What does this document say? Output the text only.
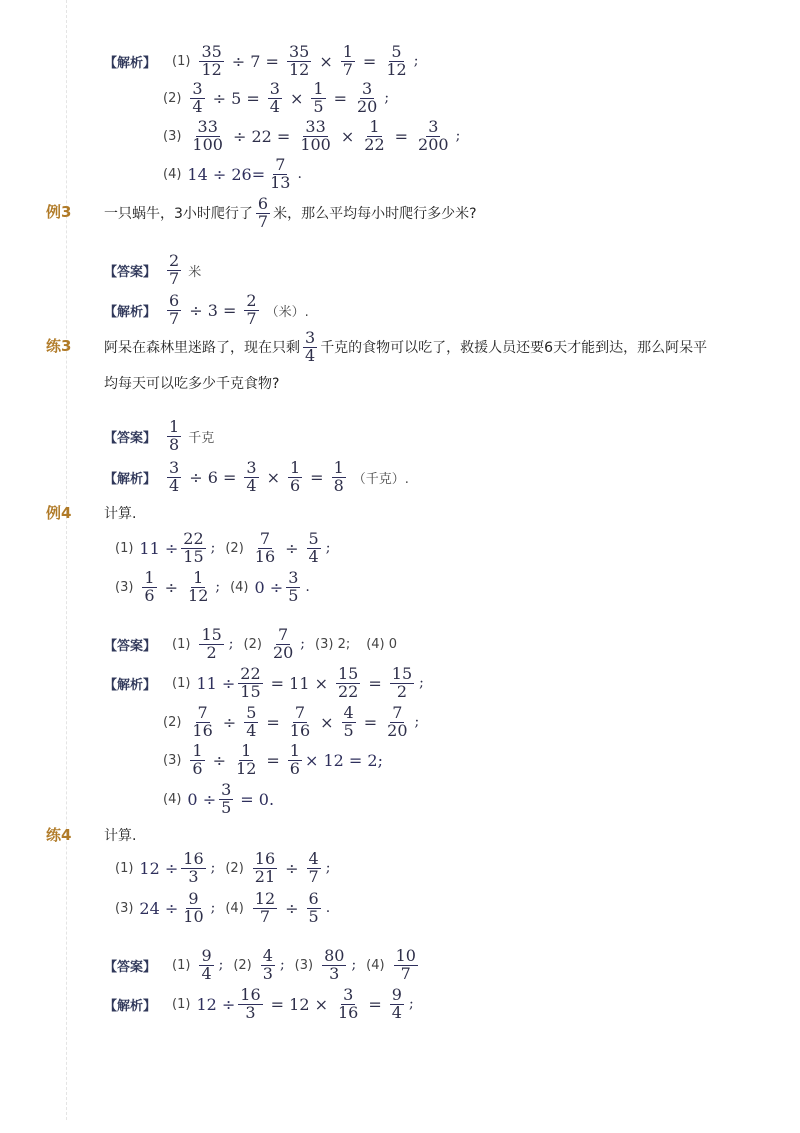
【解析】 $(1) \frac{35}{12} \div 7 = \frac{35}{12} \times \frac{1}{7} = \frac{5}{12}$ ;
$(2) \frac{3}{4} \div 5 = \frac{3}{4} \times \frac{1}{5} = \frac{3}{20}$ ;
$(3) \frac{33}{100} \div 22 = \frac{33}{100} \times \frac{1}{22} = \frac{3}{200}$ ;
(4) $14 \div 26= \frac{7}{13}$ .
例3 一只蜗牛，3小时爬行了 $\frac{6}{7}$ 米，那么平均每小时爬行多少米?
【答案】 $\frac{2}{7}$ 米
【解析】 $\frac{6}{7} \div 3 = \frac{2}{7}$ （米）.
练3 阿呆在森林里迷路了，现在只剩 $\frac{3}{4}$ 千克的食物可以吃了，救援人员还要6天才能到达，那么阿呆平
均每天可以吃多少千克食物?
【答案】 $\frac{1}{8}$ 千克
【解析】 $\frac{3}{4} \div 6 = \frac{3}{4} \times \frac{1}{6} = \frac{1}{8}$ （千克）.
例4 计算.
(1) $11 \div \frac{22}{15}$ ; $(2) \frac{7}{16} \div \frac{5}{4}$ ;
$(3) \frac{1}{6} \div \frac{1}{12}$ ; (4) $0 \div \frac{3}{5}$ .
【答案】 $(1) \frac{15}{2}$ ; $(2) \frac{7}{20}$ ; (3) 2; (4) 0
【解析】 (1) $11 \div \frac{22}{15} = 11 \times \frac{15}{22} = \frac{15}{2}$ ;
$(2) \frac{7}{16} \div \frac{5}{4} = \frac{7}{16} \times \frac{4}{5} = \frac{7}{20}$ ;
$(3) \frac{1}{6} \div \frac{1}{12} = \frac{1}{6} \times 12 = 2$;
(4) $0 \div \frac{3}{5} = 0$.
练4 计算.
(1) $12 \div \frac{16}{3}$ ; $(2) \frac{16}{21} \div \frac{4}{7}$ ;
(3) $24 \div \frac{9}{10}$ ; $(4) \frac{12}{7} \div \frac{6}{5}$ .
【答案】 $(1) \frac{9}{4}$ ; $(2) \frac{4}{3}$ ; $(3) \frac{80}{3}$ ; $(4) \frac{10}{7}$
【解析】 (1) $12 \div \frac{16}{3} = 12 \times \frac{3}{16} = \frac{9}{4}$ ;
